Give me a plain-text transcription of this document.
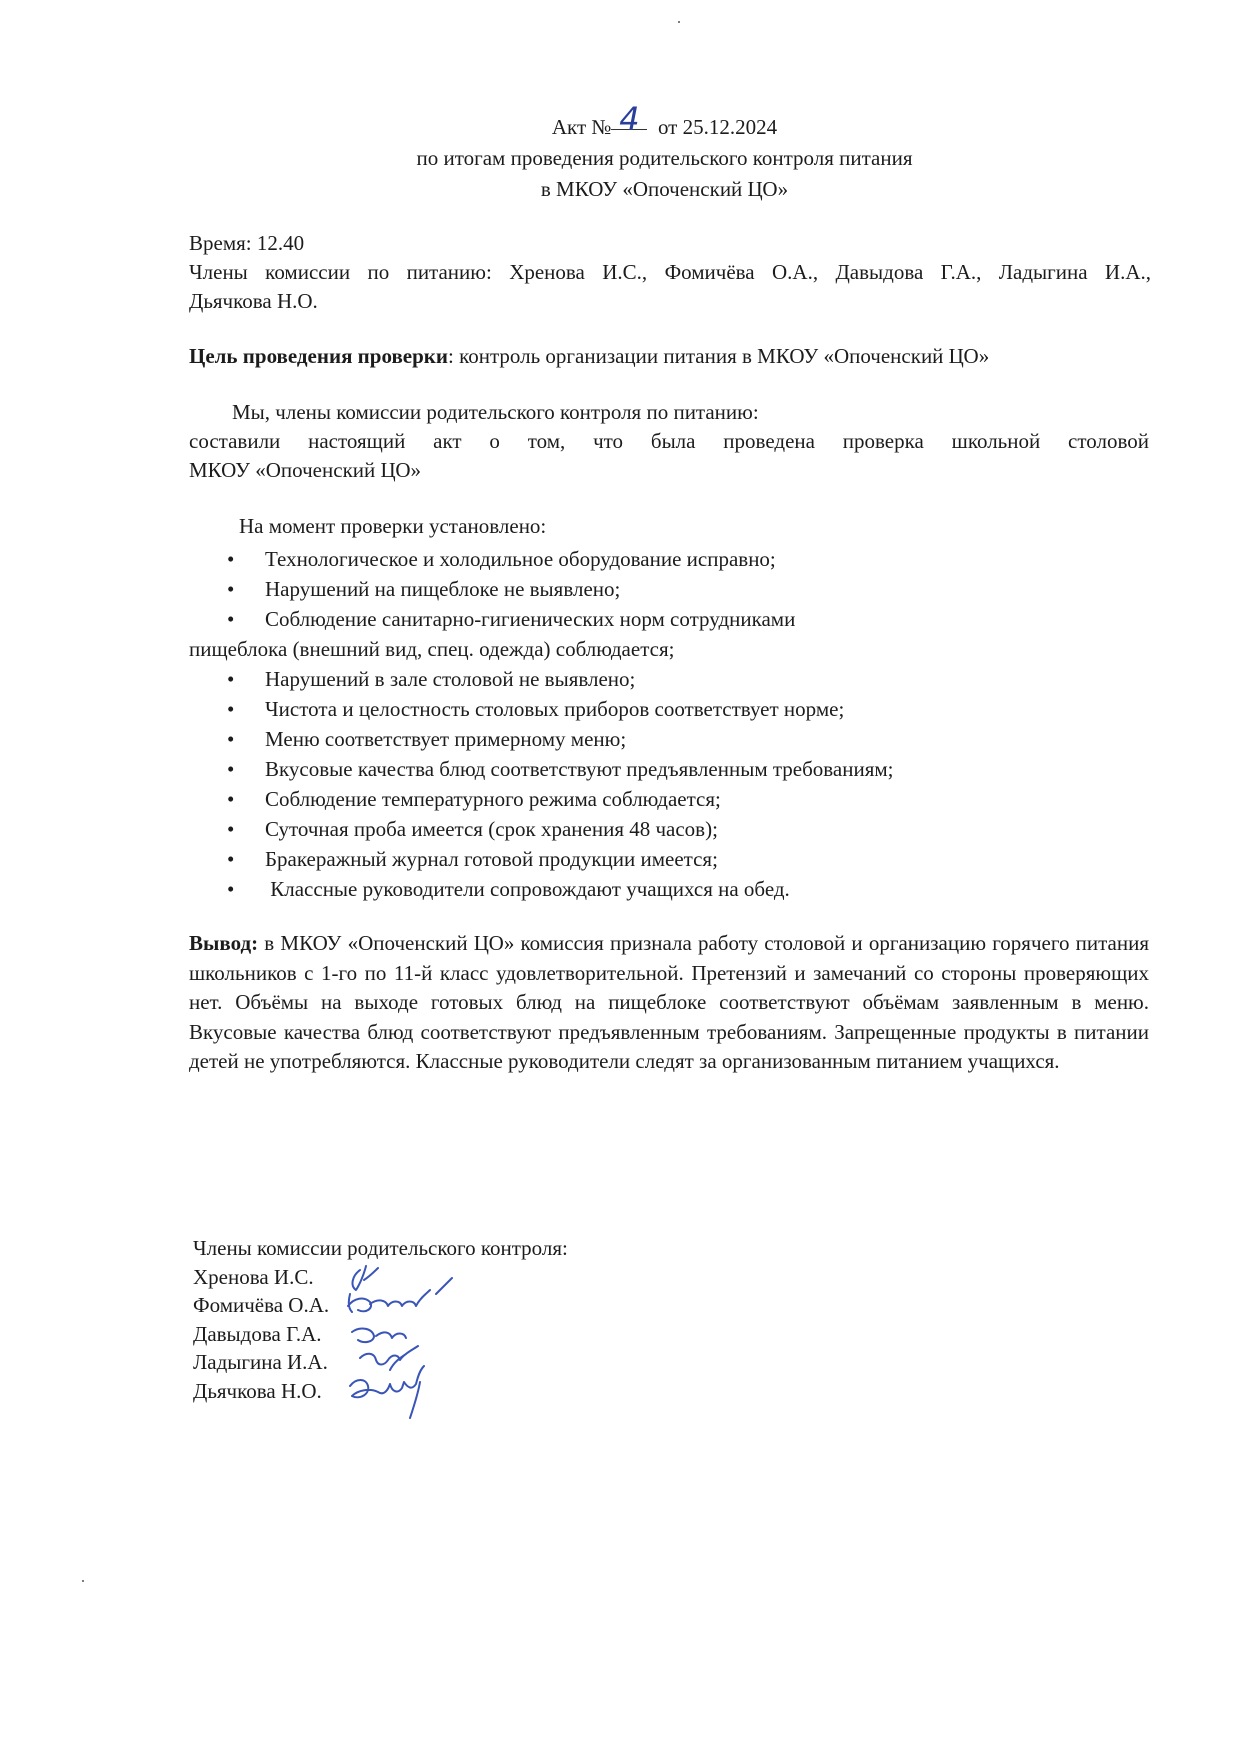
Акт № 4 от 25.12.2024
по итогам проведения родительского контроля питания
в МКОУ «Опоченский ЦО»
Время: 12.40
Члены комиссии по питанию: Хренова И.С., Фомичёва О.А., Давыдова Г.А., Ладыгина И.А.,
Дьячкова Н.О.
Цель проведения проверки: контроль организации питания в МКОУ «Опоченский ЦО»
Мы, члены комиссии родительского контроля по питанию:
составили настоящий акт о том, что была проведена проверка школьной столовой
МКОУ «Опоченский ЦО»
На момент проверки установлено:
• Технологическое и холодильное оборудование исправно;
• Нарушений на пищеблоке не выявлено;
• Соблюдение санитарно-гигиенических норм сотрудниками
пищеблока (внешний вид, спец. одежда) соблюдается;
• Нарушений в зале столовой не выявлено;
• Чистота и целостность столовых приборов соответствует норме;
• Меню соответствует примерному меню;
• Вкусовые качества блюд соответствуют предъявленным требованиям;
• Соблюдение температурного режима соблюдается;
• Суточная проба имеется (срок хранения 48 часов);
• Бракеражный журнал готовой продукции имеется;
• Классные руководители сопровождают учащихся на обед.
Вывод: в МКОУ «Опоченский ЦО» комиссия признала работу столовой и организацию горячего питания школьников с 1-го по 11-й класс удовлетворительной. Претензий и замечаний со стороны проверяющих нет. Объёмы на выходе готовых блюд на пищеблоке соответствуют объёмам заявленным в меню. Вкусовые качества блюд соответствуют предъявленным требованиям. Запрещенные продукты в питании детей не употребляются. Классные руководители следят за организованным питанием учащихся.
Члены комиссии родительского контроля:
Хренова И.С.
Фомичёва О.А.
Давыдова Г.А.
Ладыгина И.А.
Дьячкова Н.О.
